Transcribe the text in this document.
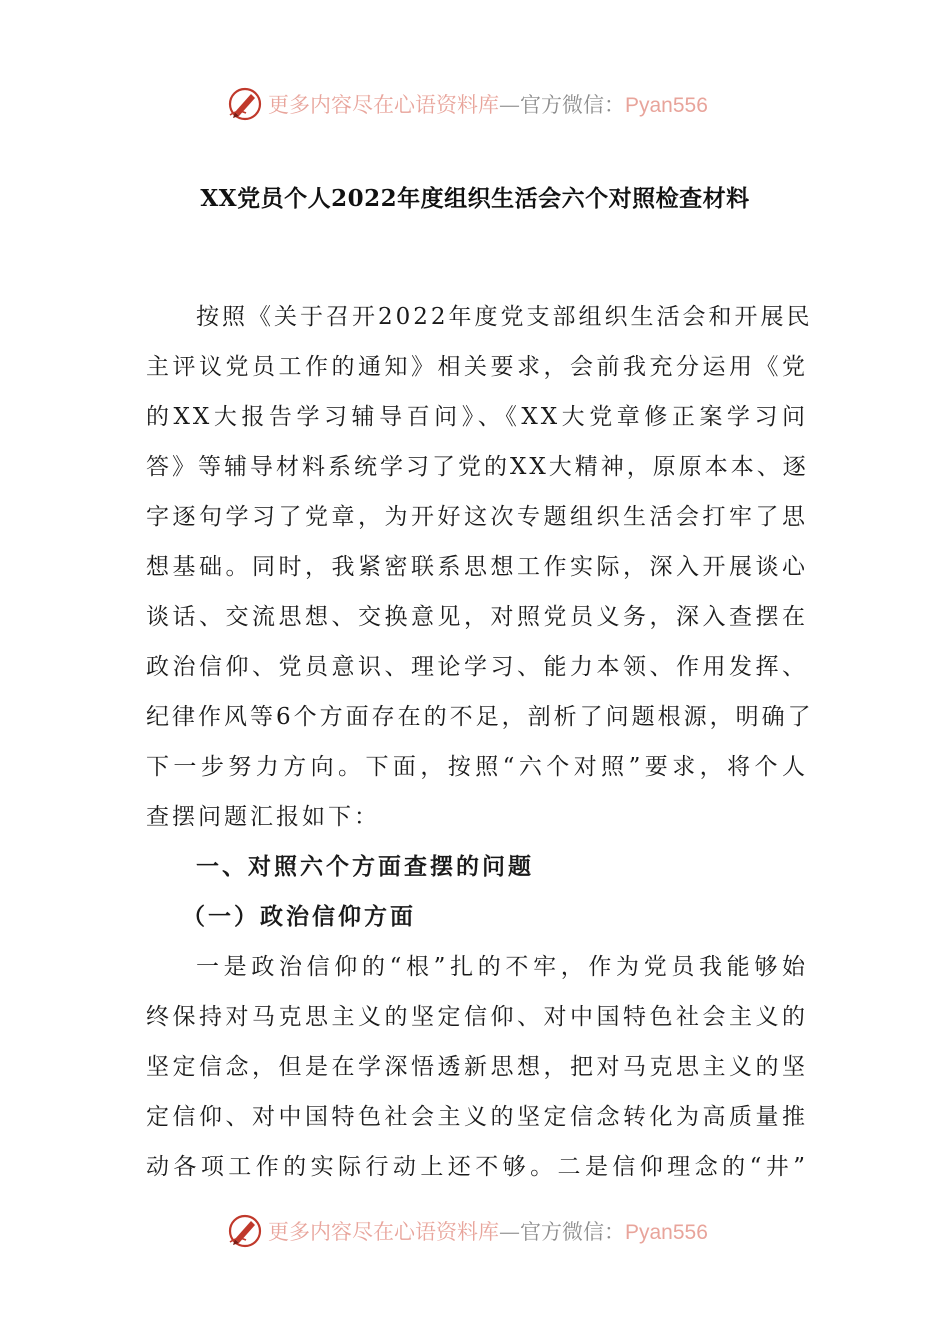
更多内容尽在心语资料库—官方微信：Pyan556
XX党员个人2022年度组织生活会六个对照检查材料
按照《关于召开2022年度党支部组织生活会和开展民
主评议党员工作的通知》相关要求，会前我充分运用《党
的XX大报告学习辅导百问》、《XX大党章修正案学习问
答》等辅导材料系统学习了党的XX大精神，原原本本、逐
字逐句学习了党章，为开好这次专题组织生活会打牢了思
想基础。同时，我紧密联系思想工作实际，深入开展谈心
谈话、交流思想、交换意见，对照党员义务，深入查摆在
政治信仰、党员意识、理论学习、能力本领、作用发挥、
纪律作风等6个方面存在的不足，剖析了问题根源，明确了
下一步努力方向。下面，按照“六个对照”要求，将个人
查摆问题汇报如下：
一、对照六个方面查摆的问题
（一）政治信仰方面
一是政治信仰的“根”扎的不牢，作为党员我能够始
终保持对马克思主义的坚定信仰、对中国特色社会主义的
坚定信念，但是在学深悟透新思想，把对马克思主义的坚
定信仰、对中国特色社会主义的坚定信念转化为高质量推
动各项工作的实际行动上还不够。二是信仰理念的“井”
更多内容尽在心语资料库—官方微信：Pyan556
